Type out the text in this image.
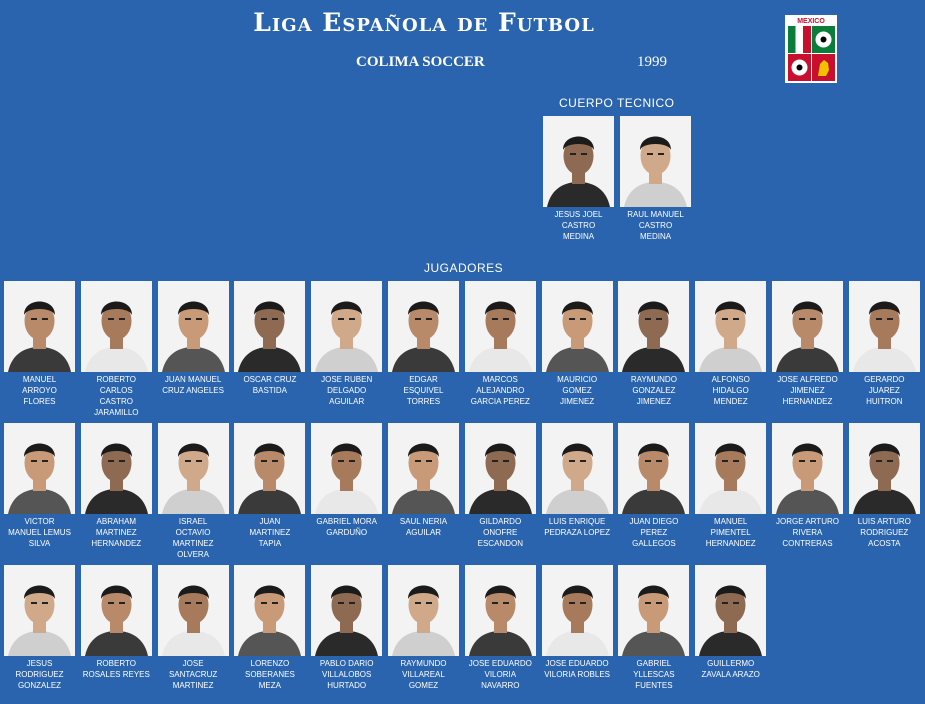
Liga Española de Futbol
COLIMA SOCCER	1999
MEXICO
CUERPO TECNICO
JESUS JOEL
CASTRO
MEDINA
RAUL MANUEL
CASTRO
MEDINA
JUGADORES
MANUEL
ARROYO
FLORES
ROBERTO
CARLOS
CASTRO
JARAMILLO
JUAN MANUEL
CRUZ ANGELES
OSCAR CRUZ
BASTIDA
JOSE RUBEN
DELGADO
AGUILAR
EDGAR
ESQUIVEL
TORRES
MARCOS
ALEJANDRO
GARCIA PEREZ
MAURICIO
GOMEZ
JIMENEZ
RAYMUNDO
GONZALEZ
JIMENEZ
ALFONSO
HIDALGO
MENDEZ
JOSE ALFREDO
JIMENEZ
HERNANDEZ
GERARDO
JUAREZ
HUITRON
VICTOR
MANUEL LEMUS
SILVA
ABRAHAM
MARTINEZ
HERNANDEZ
ISRAEL
OCTAVIO
MARTINEZ
OLVERA
JUAN
MARTINEZ
TAPIA
GABRIEL MORA
GARDUÑO
SAUL NERIA
AGUILAR
GILDARDO
ONOFRE
ESCANDON
LUIS ENRIQUE
PEDRAZA LOPEZ
JUAN DIEGO
PEREZ
GALLEGOS
MANUEL
PIMENTEL
HERNANDEZ
JORGE ARTURO
RIVERA
CONTRERAS
LUIS ARTURO
RODRIGUEZ
ACOSTA
JESUS
RODRIGUEZ
GONZALEZ
ROBERTO
ROSALES REYES
JOSE
SANTACRUZ
MARTINEZ
LORENZO
SOBERANES
MEZA
PABLO DARIO
VILLALOBOS
HURTADO
RAYMUNDO
VILLAREAL
GOMEZ
JOSE EDUARDO
VILORIA
NAVARRO
JOSE EDUARDO
VILORIA ROBLES
GABRIEL
YLLESCAS
FUENTES
GUILLERMO
ZAVALA ARAZO
